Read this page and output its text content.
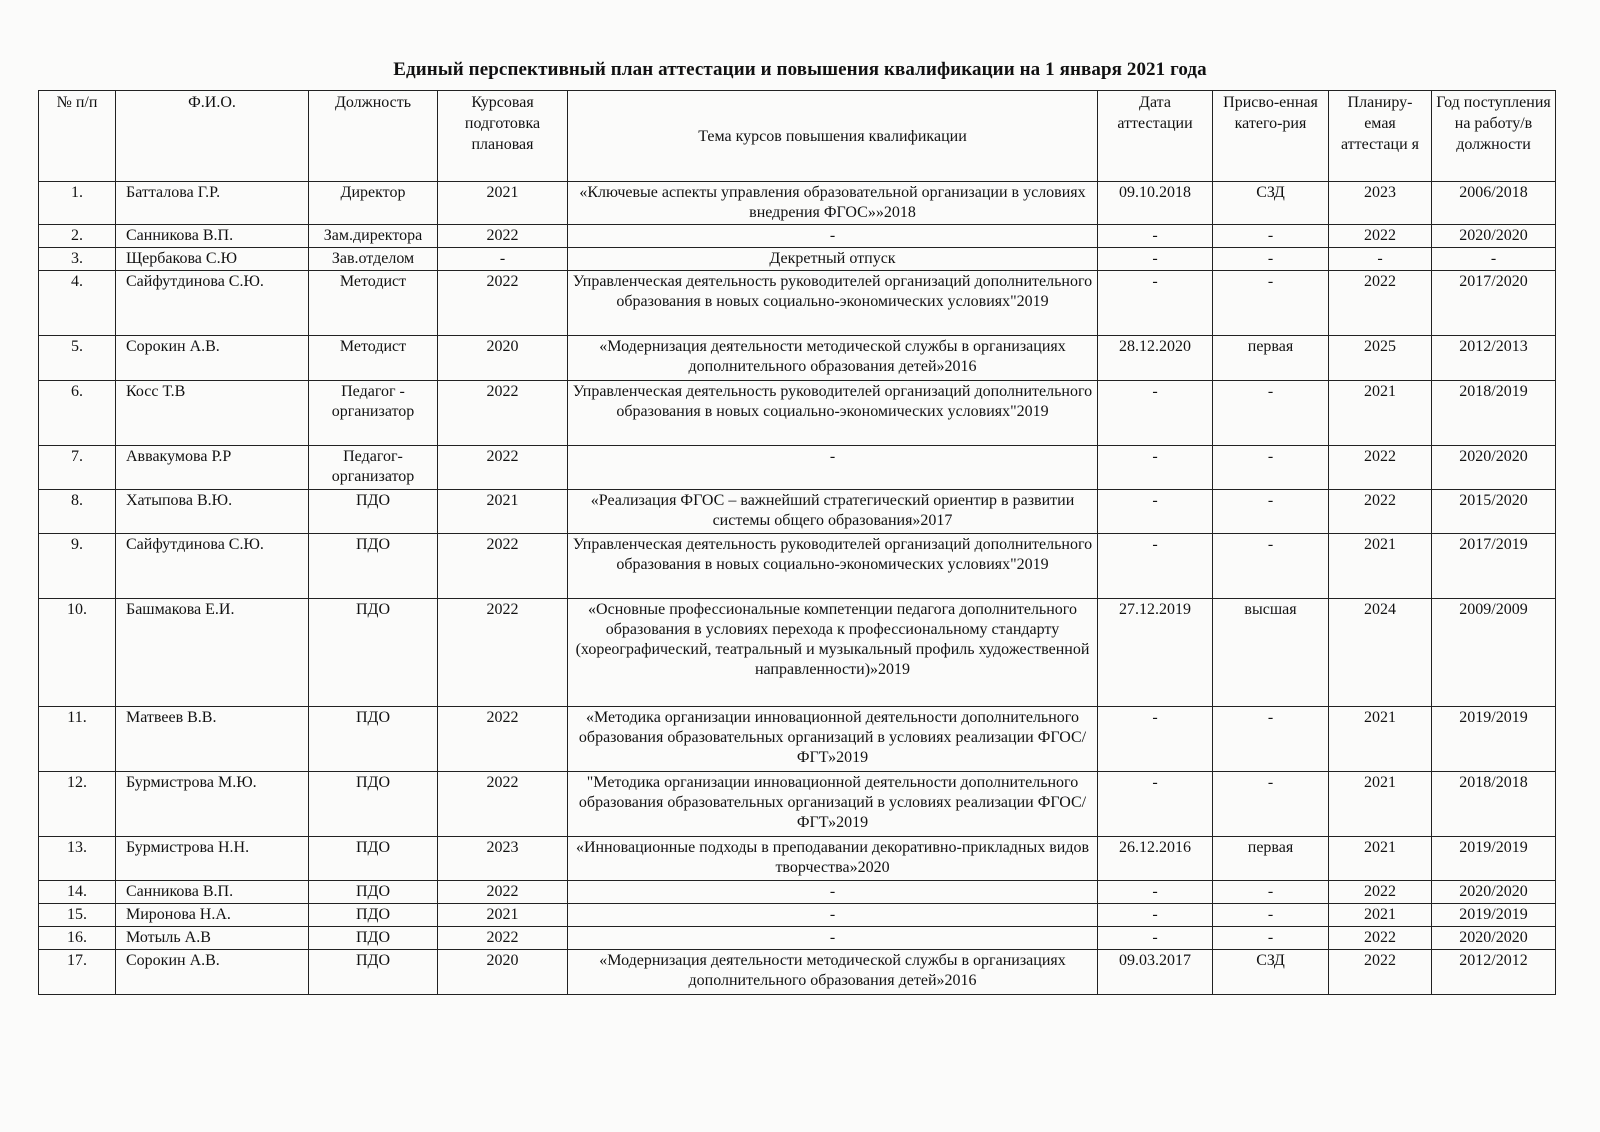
Единый перспективный план аттестации и повышения квалификации на 1 января 2021 года
№ п/п	Ф.И.О.	Должность	Курсовая подготовка плановая	Тема курсов повышения квалификации	Дата аттестации	Присво-енная катего-рия	Планиру-емая аттестаци я	Год поступления на работу/в должности
1.	Батталова Г.Р.	Директор	2021	«Ключевые аспекты управления образовательной организации в условиях внедрения ФГОС»»2018	09.10.2018	СЗД	2023	2006/2018
2.	Санникова В.П.	Зам.директора	2022	-	-	-	2022	2020/2020
3.	Щербакова С.Ю	Зав.отделом	-	Декретный отпуск	-	-	-	-
4.	Сайфутдинова С.Ю.	Методист	2022	Управленческая деятельность руководителей организаций дополнительного образования в новых социально-экономических условиях"2019	-	-	2022	2017/2020
5.	Сорокин А.В.	Методист	2020	«Модернизация деятельности методической службы в организациях дополнительного образования детей»2016	28.12.2020	первая	2025	2012/2013
6.	Косс Т.В	Педагог - организатор	2022	Управленческая деятельность руководителей организаций дополнительного образования в новых социально-экономических условиях"2019	-	-	2021	2018/2019
7.	Аввакумова Р.Р	Педагог-организатор	2022	-	-	-	2022	2020/2020
8.	Хатыпова В.Ю.	ПДО	2021	«Реализация ФГОС – важнейший стратегический ориентир в развитии системы общего образования»2017	-	-	2022	2015/2020
9.	Сайфутдинова С.Ю.	ПДО	2022	Управленческая деятельность руководителей организаций дополнительного образования в новых социально-экономических условиях"2019	-	-	2021	2017/2019
10.	Башмакова Е.И.	ПДО	2022	«Основные профессиональные компетенции педагога дополнительного образования в условиях перехода к профессиональному стандарту (хореографический, театральный и музыкальный профиль художественной направленности)»2019	27.12.2019	высшая	2024	2009/2009
11.	Матвеев В.В.	ПДО	2022	«Методика организации инновационной деятельности дополнительного образования образовательных организаций в условиях реализации ФГОС/ФГТ»2019	-	-	2021	2019/2019
12.	Бурмистрова М.Ю.	ПДО	2022	"Методика организации инновационной деятельности дополнительного образования образовательных организаций в условиях реализации ФГОС/ФГТ»2019	-	-	2021	2018/2018
13.	Бурмистрова Н.Н.	ПДО	2023	«Инновационные подходы в преподавании декоративно-прикладных видов творчества»2020	26.12.2016	первая	2021	2019/2019
14.	Санникова В.П.	ПДО	2022	-	-	-	2022	2020/2020
15.	Миронова Н.А.	ПДО	2021	-	-	-	2021	2019/2019
16.	Мотыль А.В	ПДО	2022	-	-	-	2022	2020/2020
17.	Сорокин А.В.	ПДО	2020	«Модернизация деятельности методической службы в организациях дополнительного образования детей»2016	09.03.2017	СЗД	2022	2012/2012
